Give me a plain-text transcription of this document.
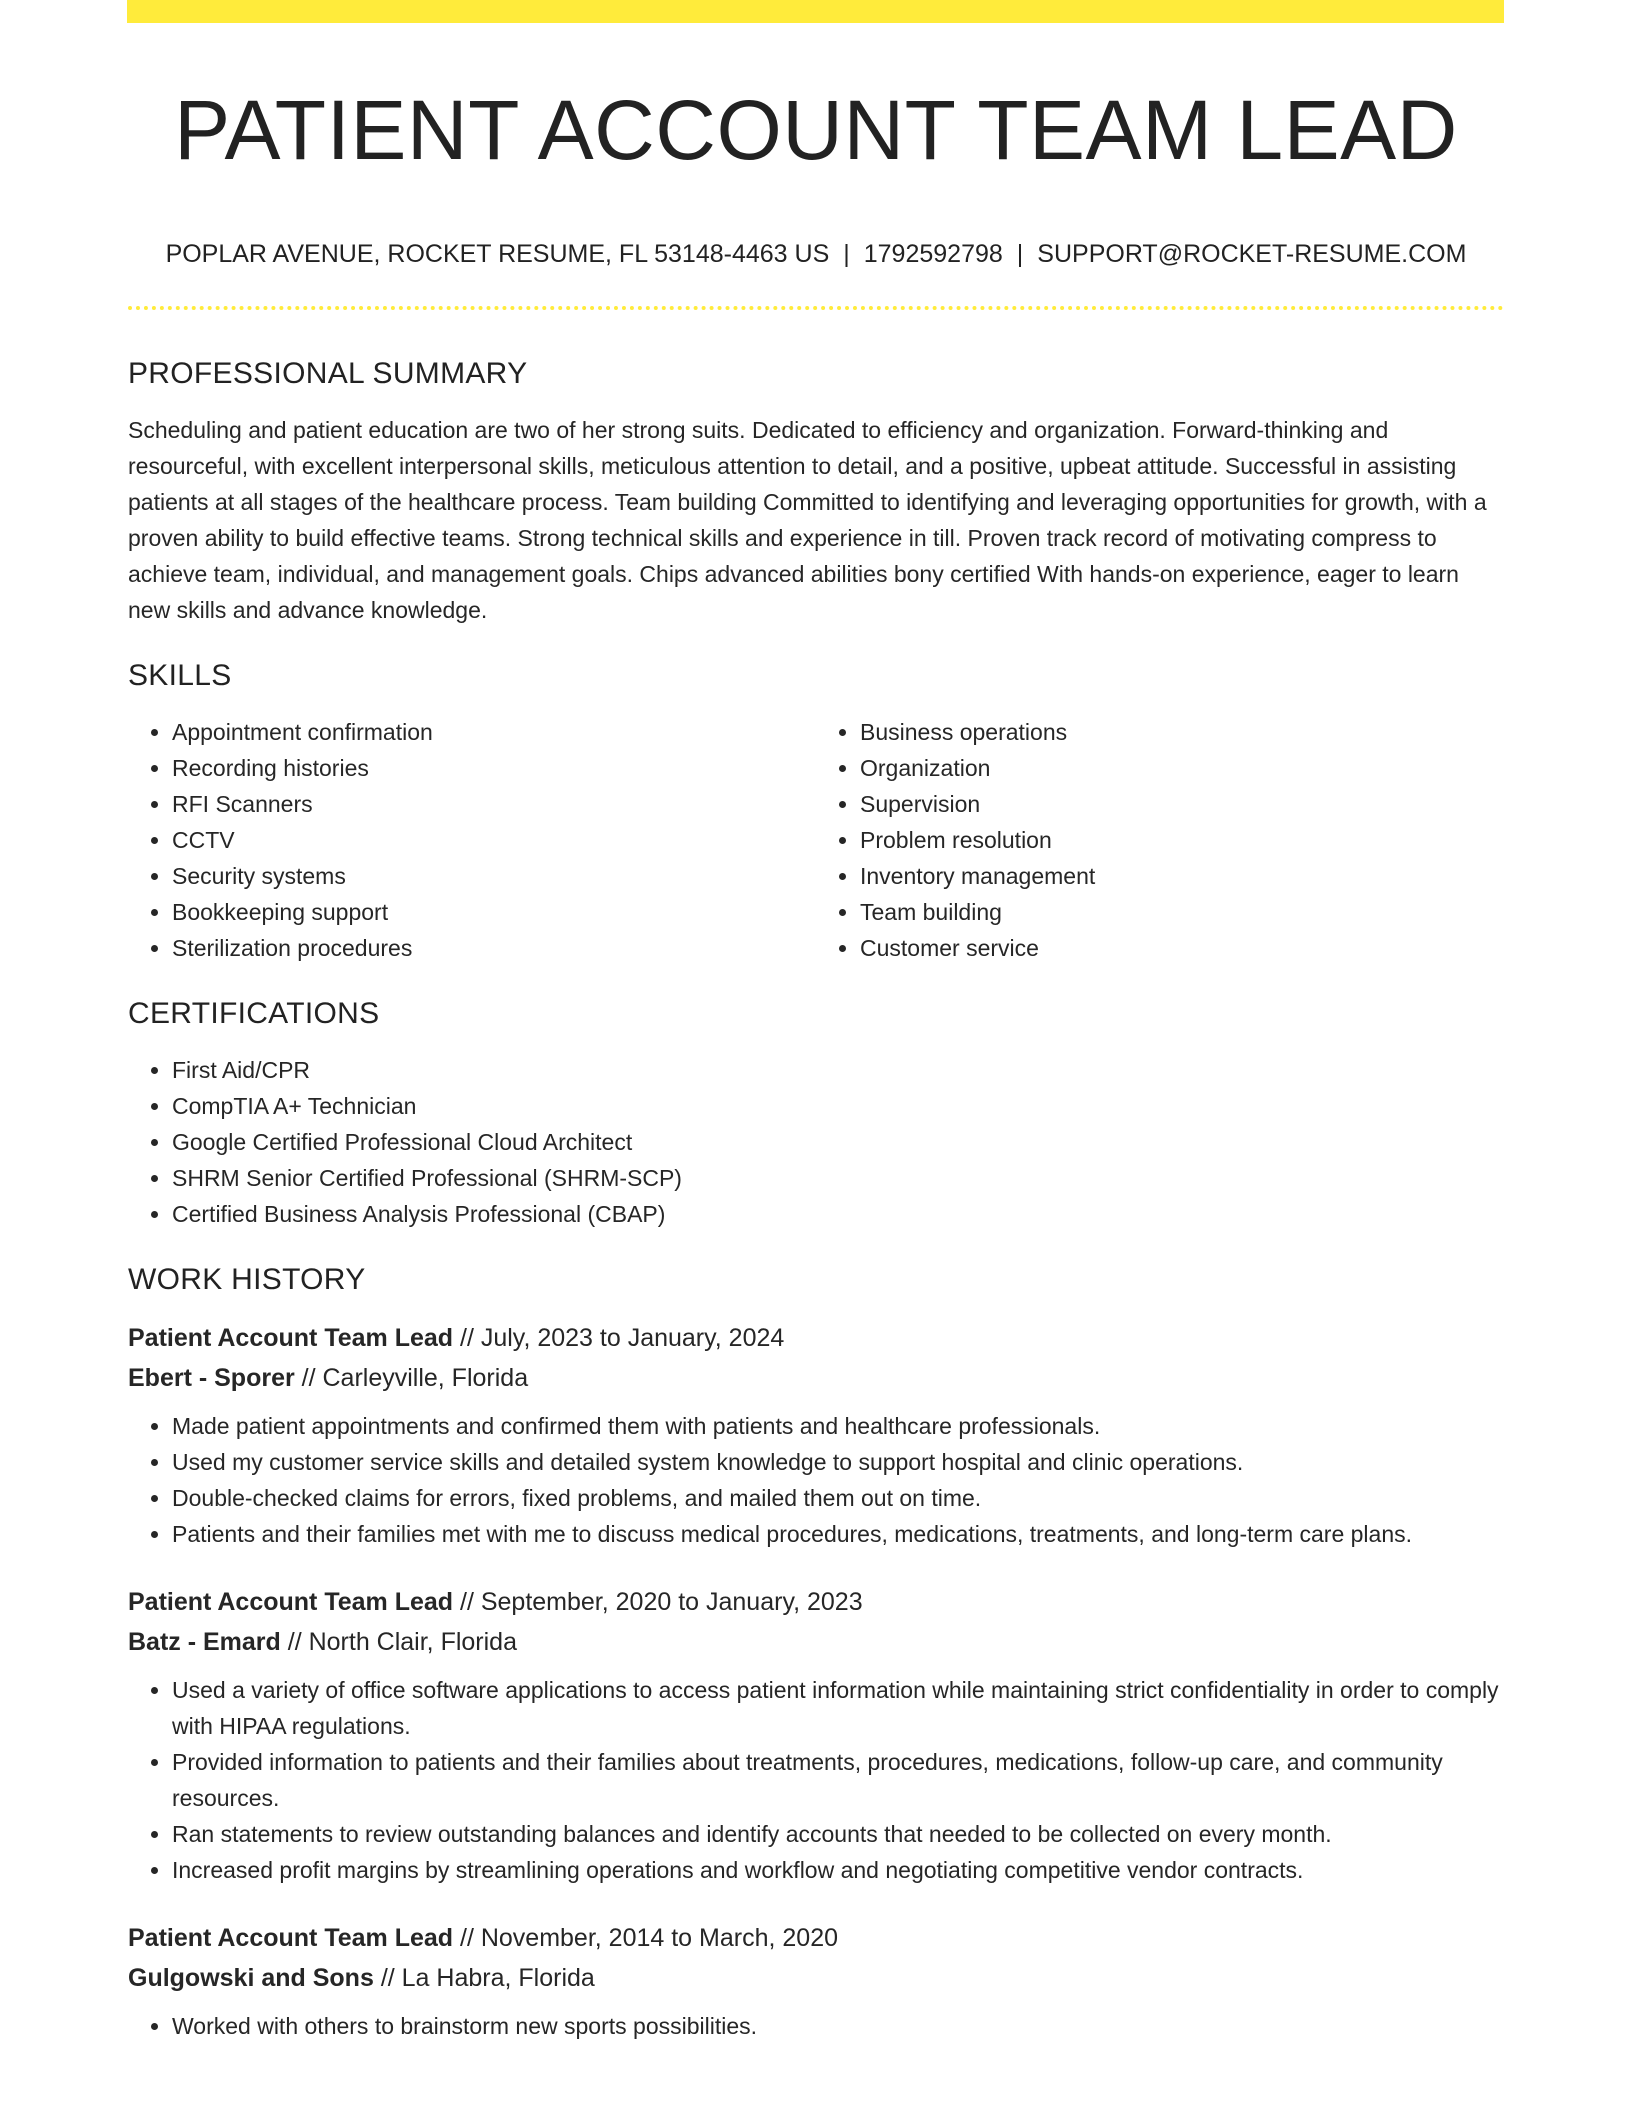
PATIENT ACCOUNT TEAM LEAD
POPLAR AVENUE, ROCKET RESUME, FL 53148-4463 US | 1792592798 | SUPPORT@ROCKET-RESUME.COM
PROFESSIONAL SUMMARY

Scheduling and patient education are two of her strong suits. Dedicated to efficiency and organization. Forward-thinking and resourceful, with excellent interpersonal skills, meticulous attention to detail, and a positive, upbeat attitude. Successful in assisting patients at all stages of the healthcare process. Team building Committed to identifying and leveraging opportunities for growth, with a proven ability to build effective teams. Strong technical skills and experience in till. Proven track record of motivating compress to achieve team, individual, and management goals. Chips advanced abilities bony certified With hands-on experience, eager to learn new skills and advance knowledge.

SKILLS
• Appointment confirmation
• Recording histories
• RFI Scanners
• CCTV
• Security systems
• Bookkeeping support
• Sterilization procedures
• Business operations
• Organization
• Supervision
• Problem resolution
• Inventory management
• Team building
• Customer service
CERTIFICATIONS
• First Aid/CPR
• CompTIA A+ Technician
• Google Certified Professional Cloud Architect
• SHRM Senior Certified Professional (SHRM-SCP)
• Certified Business Analysis Professional (CBAP)
WORK HISTORY
Patient Account Team Lead // July, 2023 to January, 2024
Ebert - Sporer // Carleyville, Florida
• Made patient appointments and confirmed them with patients and healthcare professionals.
• Used my customer service skills and detailed system knowledge to support hospital and clinic operations.
• Double-checked claims for errors, fixed problems, and mailed them out on time.
• Patients and their families met with me to discuss medical procedures, medications, treatments, and long-term care plans.
Patient Account Team Lead // September, 2020 to January, 2023
Batz - Emard // North Clair, Florida
• Used a variety of office software applications to access patient information while maintaining strict confidentiality in order to comply with HIPAA regulations.
• Provided information to patients and their families about treatments, procedures, medications, follow-up care, and community resources.
• Ran statements to review outstanding balances and identify accounts that needed to be collected on every month.
• Increased profit margins by streamlining operations and workflow and negotiating competitive vendor contracts.
Patient Account Team Lead // November, 2014 to March, 2020
Gulgowski and Sons // La Habra, Florida
• Worked with others to brainstorm new sports possibilities.
